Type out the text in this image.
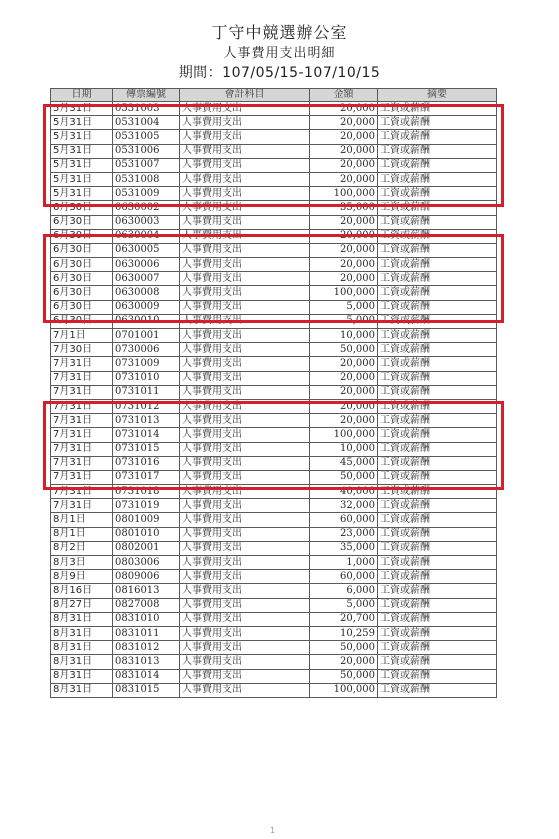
丁守中競選辦公室
人事費用支出明細
期間：107/05/15-107/10/15
日期	傳票編號	會計科目	金額	摘要
5月31日	0531003	人事費用支出	20,000	工資或薪酬
5月31日	0531004	人事費用支出	20,000	工資或薪酬
5月31日	0531005	人事費用支出	20,000	工資或薪酬
5月31日	0531006	人事費用支出	20,000	工資或薪酬
5月31日	0531007	人事費用支出	20,000	工資或薪酬
5月31日	0531008	人事費用支出	20,000	工資或薪酬
5月31日	0531009	人事費用支出	100,000	工資或薪酬
6月30日	0630002	人事費用支出	35,000	工資或薪酬
6月30日	0630003	人事費用支出	20,000	工資或薪酬
6月30日	0630004	人事費用支出	20,000	工資或薪酬
6月30日	0630005	人事費用支出	20,000	工資或薪酬
6月30日	0630006	人事費用支出	20,000	工資或薪酬
6月30日	0630007	人事費用支出	20,000	工資或薪酬
6月30日	0630008	人事費用支出	100,000	工資或薪酬
6月30日	0630009	人事費用支出	5,000	工資或薪酬
6月30日	0630010	人事費用支出	5,000	工資或薪酬
7月1日	0701001	人事費用支出	10,000	工資或薪酬
7月30日	0730006	人事費用支出	50,000	工資或薪酬
7月31日	0731009	人事費用支出	20,000	工資或薪酬
7月31日	0731010	人事費用支出	20,000	工資或薪酬
7月31日	0731011	人事費用支出	20,000	工資或薪酬
7月31日	0731012	人事費用支出	20,000	工資或薪酬
7月31日	0731013	人事費用支出	20,000	工資或薪酬
7月31日	0731014	人事費用支出	100,000	工資或薪酬
7月31日	0731015	人事費用支出	10,000	工資或薪酬
7月31日	0731016	人事費用支出	45,000	工資或薪酬
7月31日	0731017	人事費用支出	50,000	工資或薪酬
7月31日	0731018	人事費用支出	40,000	工資或薪酬
7月31日	0731019	人事費用支出	32,000	工資或薪酬
8月1日	0801009	人事費用支出	60,000	工資或薪酬
8月1日	0801010	人事費用支出	23,000	工資或薪酬
8月2日	0802001	人事費用支出	35,000	工資或薪酬
8月3日	0803006	人事費用支出	1,000	工資或薪酬
8月9日	0809006	人事費用支出	60,000	工資或薪酬
8月16日	0816013	人事費用支出	6,000	工資或薪酬
8月27日	0827008	人事費用支出	5,000	工資或薪酬
8月31日	0831010	人事費用支出	20,700	工資或薪酬
8月31日	0831011	人事費用支出	10,259	工資或薪酬
8月31日	0831012	人事費用支出	50,000	工資或薪酬
8月31日	0831013	人事費用支出	20,000	工資或薪酬
8月31日	0831014	人事費用支出	50,000	工資或薪酬
8月31日	0831015	人事費用支出	100,000	工資或薪酬
1
